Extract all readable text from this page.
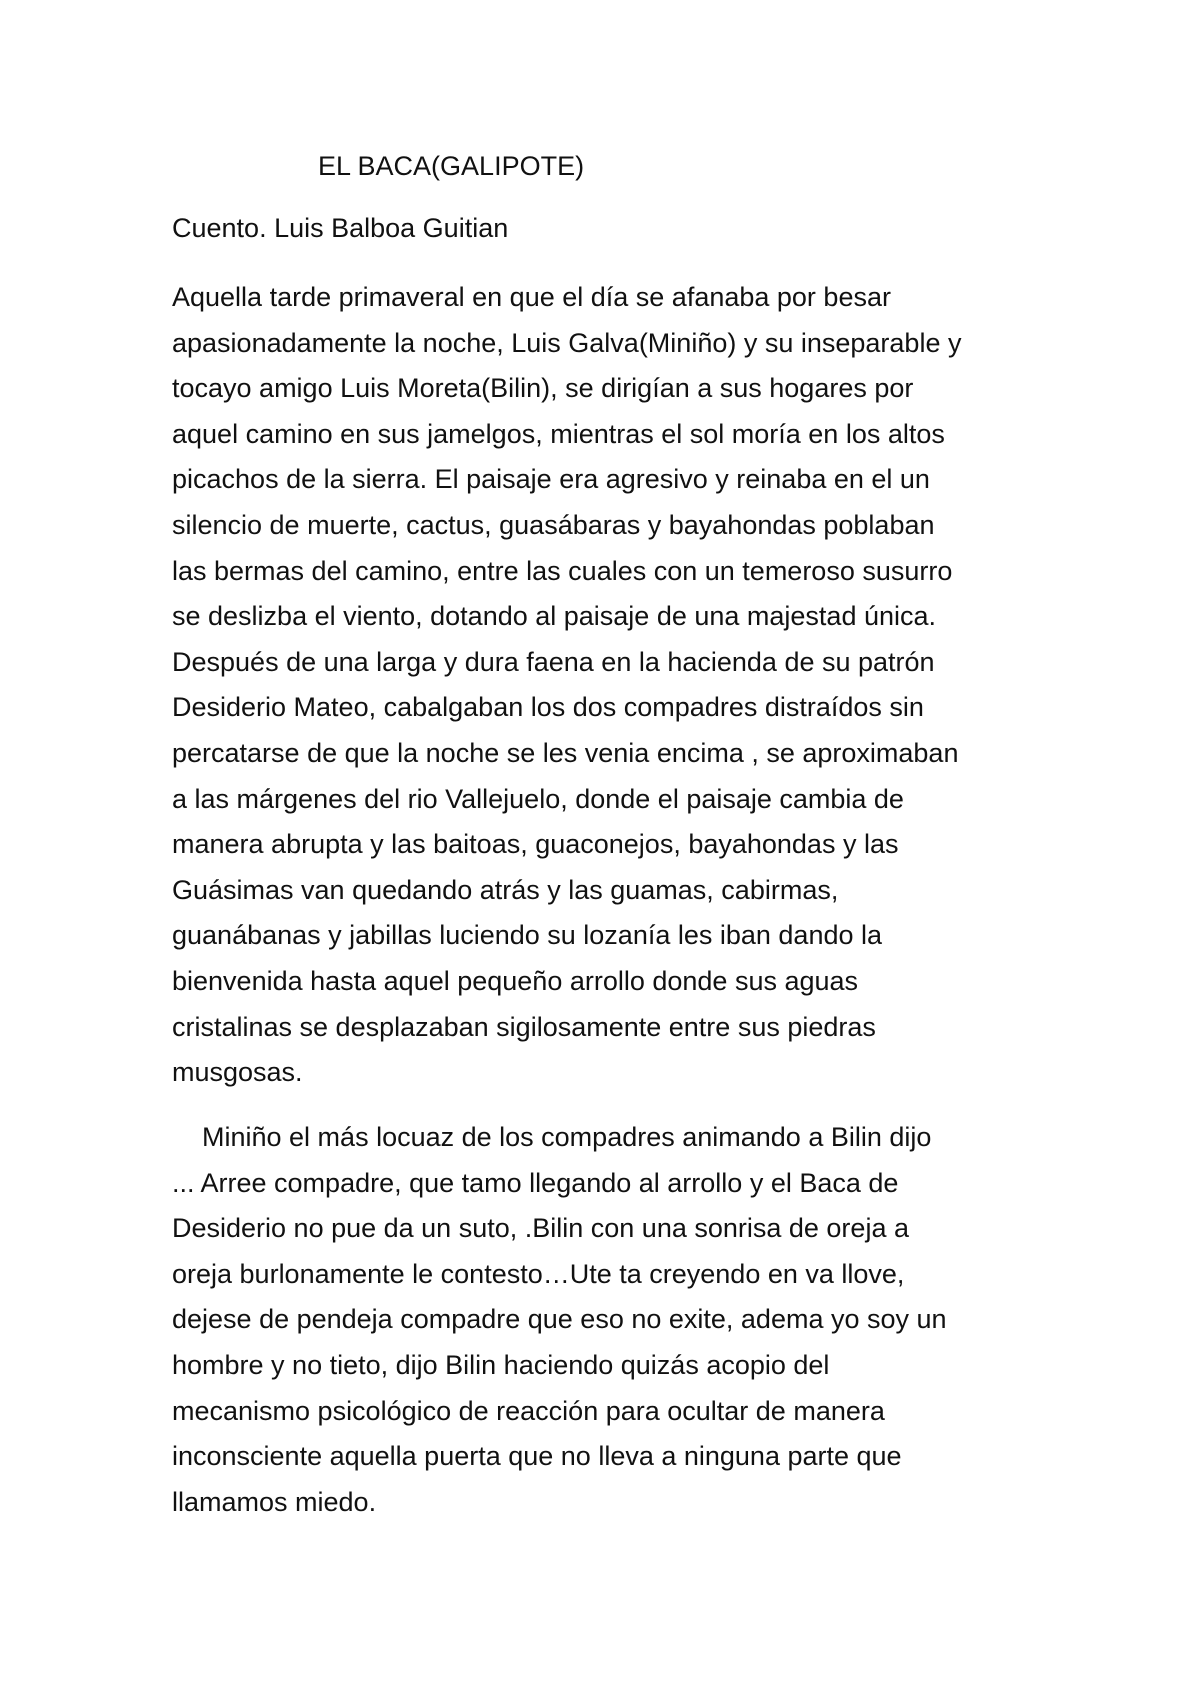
EL BACA(GALIPOTE)
Cuento. Luis Balboa Guitian
Aquella tarde primaveral en que el día se afanaba por besar
apasionadamente la noche, Luis Galva(Miniño) y su inseparable y
tocayo amigo Luis Moreta(Bilin), se dirigían a sus hogares por
aquel camino en sus jamelgos, mientras el sol moría en los altos
picachos de la sierra. El paisaje era agresivo y reinaba en el un
silencio de muerte, cactus, guasábaras y bayahondas poblaban
las bermas del camino, entre las cuales con un temeroso susurro
se deslizba el viento, dotando al paisaje de una majestad única.
Después de una larga y dura faena en la hacienda de su patrón
Desiderio Mateo, cabalgaban los dos compadres distraídos sin
percatarse de que la noche se les venia encima , se aproximaban
a las márgenes del rio Vallejuelo, donde el paisaje cambia de
manera abrupta y las baitoas, guaconejos, bayahondas y las
Guásimas van quedando atrás y las guamas, cabirmas,
guanábanas y jabillas luciendo su lozanía les iban dando la
bienvenida hasta aquel pequeño arrollo donde sus aguas
cristalinas se desplazaban sigilosamente entre sus piedras
musgosas.
Miniño el más locuaz de los compadres animando a Bilin dijo
... Arree compadre, que tamo llegando al arrollo y el Baca de
Desiderio no pue da un suto, .Bilin con una sonrisa de oreja a
oreja burlonamente le contesto…Ute ta creyendo en va llove,
dejese de pendeja compadre que eso no exite, adema yo soy un
hombre y no tieto, dijo Bilin haciendo quizás acopio del
mecanismo psicológico de reacción para ocultar de manera
inconsciente aquella puerta que no lleva a ninguna parte que
llamamos miedo.
